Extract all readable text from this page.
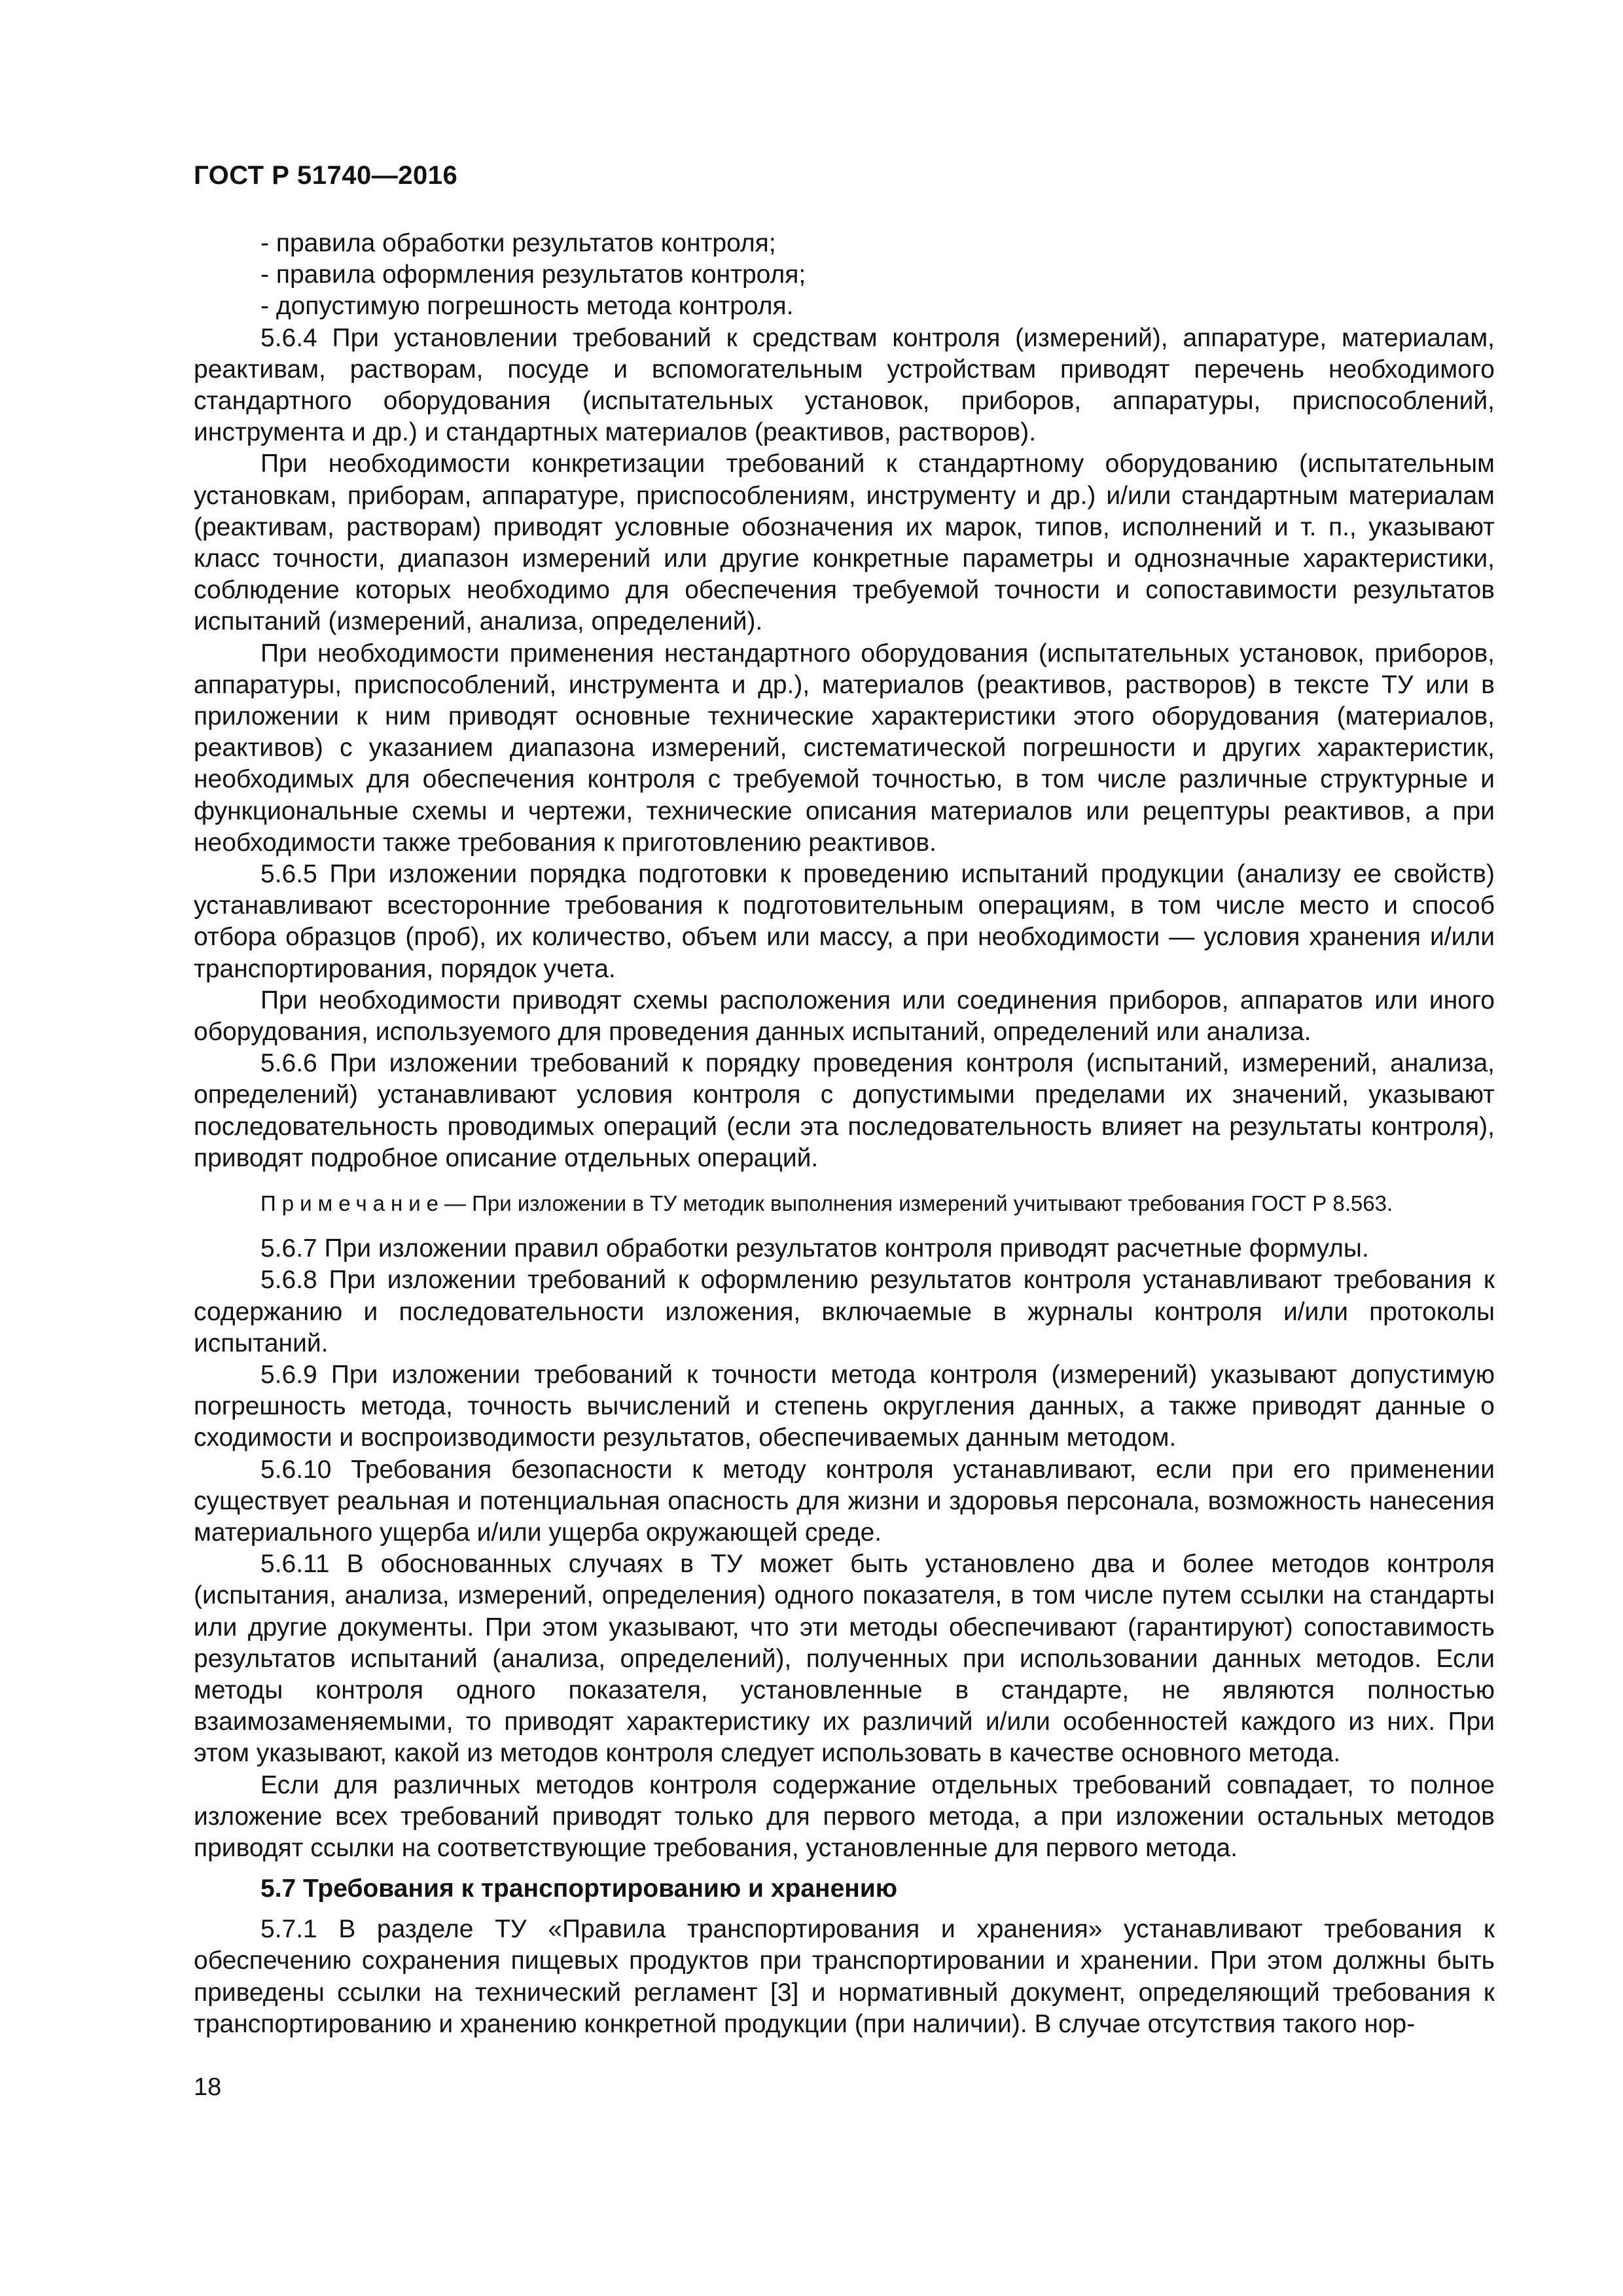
ГОСТ Р 51740—2016

- правила обработки результатов контроля;

- правила оформления результатов контроля;

- допустимую погрешность метода контроля.

5.6.4 При установлении требований к средствам контроля (измерений), аппаратуре, материалам, реактивам, растворам, посуде и вспомогательным устройствам приводят перечень необходимого стандартного оборудования (испытательных установок, приборов, аппаратуры, приспособлений, инструмента и др.) и стандартных материалов (реактивов, растворов).

При необходимости конкретизации требований к стандартному оборудованию (испытательным установкам, приборам, аппаратуре, приспособлениям, инструменту и др.) и/или стандартным материалам (реактивам, растворам) приводят условные обозначения их марок, типов, исполнений и т. п., указывают класс точности, диапазон измерений или другие конкретные параметры и однозначные характеристики, соблюдение которых необходимо для обеспечения требуемой точности и сопоставимости результатов испытаний (измерений, анализа, определений).

При необходимости применения нестандартного оборудования (испытательных установок, приборов, аппаратуры, приспособлений, инструмента и др.), материалов (реактивов, растворов) в тексте ТУ или в приложении к ним приводят основные технические характеристики этого оборудования (материалов, реактивов) с указанием диапазона измерений, систематической погрешности и других характеристик, необходимых для обеспечения контроля с требуемой точностью, в том числе различные структурные и функциональные схемы и чертежи, технические описания материалов или рецептуры реактивов, а при необходимости также требования к приготовлению реактивов.

5.6.5 При изложении порядка подготовки к проведению испытаний продукции (анализу ее свойств) устанавливают всесторонние требования к подготовительным операциям, в том числе место и способ отбора образцов (проб), их количество, объем или массу, а при необходимости — условия хранения и/или транспортирования, порядок учета.

При необходимости приводят схемы расположения или соединения приборов, аппаратов или иного оборудования, используемого для проведения данных испытаний, определений или анализа.

5.6.6 При изложении требований к порядку проведения контроля (испытаний, измерений, анализа, определений) устанавливают условия контроля с допустимыми пределами их значений, указывают последовательность проводимых операций (если эта последовательность влияет на результаты контроля), приводят подробное описание отдельных операций.

Примечание— При изложении в ТУ методик выполнения измерений учитывают требования ГОСТ Р 8.563.

5.6.7 При изложении правил обработки результатов контроля приводят расчетные формулы.

5.6.8 При изложении требований к оформлению результатов контроля устанавливают требования к содержанию и последовательности изложения, включаемые в журналы контроля и/или протоколы испытаний.

5.6.9 При изложении требований к точности метода контроля (измерений) указывают допустимую погрешность метода, точность вычислений и степень округления данных, а также приводят данные о сходимости и воспроизводимости результатов, обеспечиваемых данным методом.

5.6.10 Требования безопасности к методу контроля устанавливают, если при его применении существует реальная и потенциальная опасность для жизни и здоровья персонала, возможность нанесения материального ущерба и/или ущерба окружающей среде.

5.6.11 В обоснованных случаях в ТУ может быть установлено два и более методов контроля (испытания, анализа, измерений, определения) одного показателя, в том числе путем ссылки на стандарты или другие документы. При этом указывают, что эти методы обеспечивают (гарантируют) сопоставимость результатов испытаний (анализа, определений), полученных при использовании данных методов. Если методы контроля одного показателя, установленные в стандарте, не являются полностью взаимозаменяемыми, то приводят характеристику их различий и/или особенностей каждого из них. При этом указывают, какой из методов контроля следует использовать в качестве основного метода.

Если для различных методов контроля содержание отдельных требований совпадает, то полное изложение всех требований приводят только для первого метода, а при изложении остальных методов приводят ссылки на соответствующие требования, установленные для первого метода.

5.7 Требования к транспортированию и хранению

5.7.1 В разделе ТУ «Правила транспортирования и хранения» устанавливают требования к обеспечению сохранения пищевых продуктов при транспортировании и хранении. При этом должны быть приведены ссылки на технический регламент [3] и нормативный документ, определяющий требования к транспортированию и хранению конкретной продукции (при наличии). В случае отсутствия такого нор-

18
